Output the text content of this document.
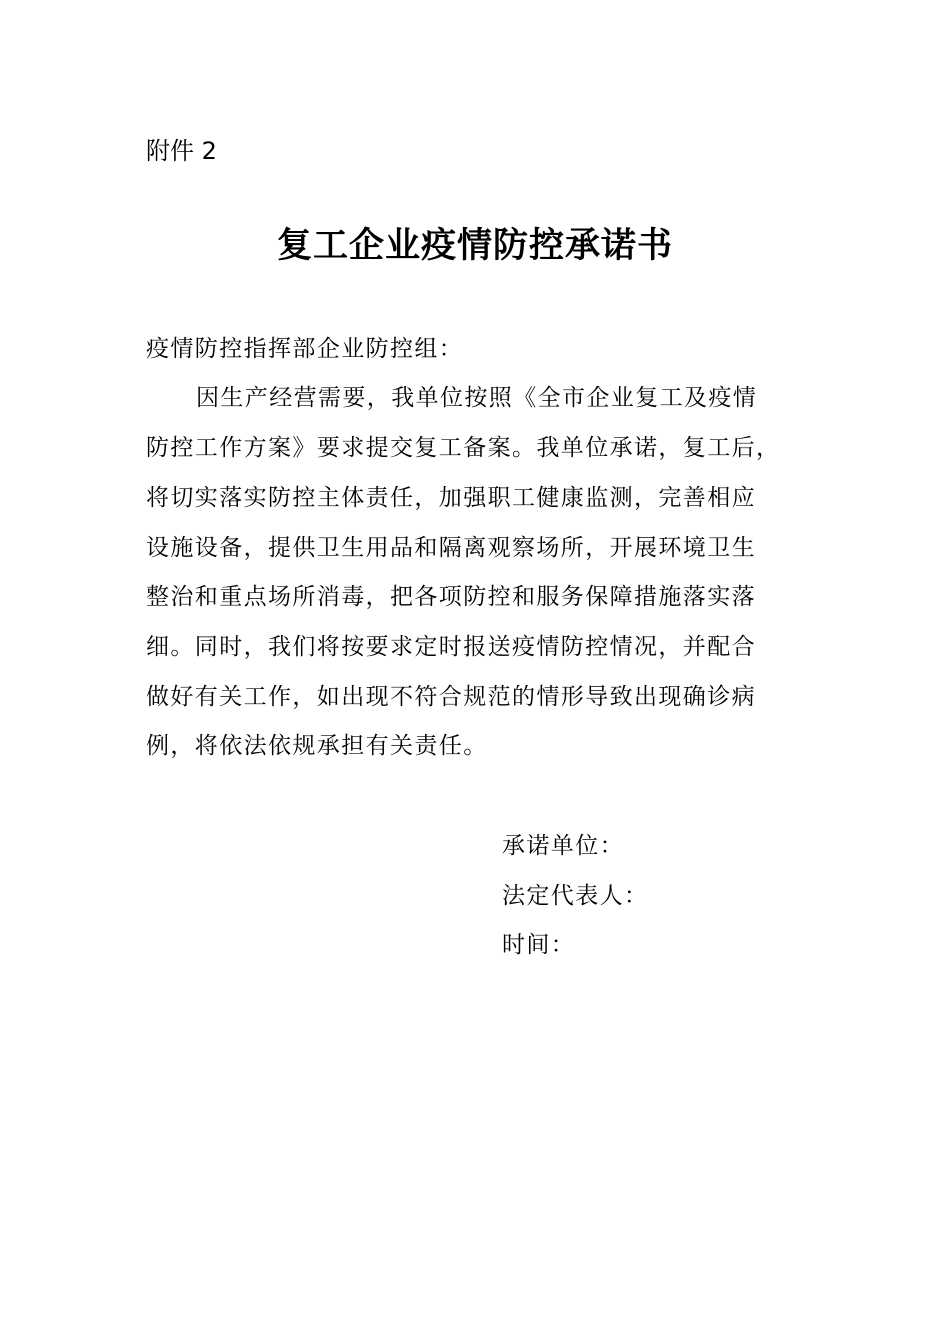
附件 2
复工企业疫情防控承诺书
疫情防控指挥部企业防控组：
因生产经营需要，我单位按照《全市企业复工及疫情
防控工作方案》要求提交复工备案。我单位承诺，复工后，
将切实落实防控主体责任，加强职工健康监测，完善相应
设施设备，提供卫生用品和隔离观察场所，开展环境卫生
整治和重点场所消毒，把各项防控和服务保障措施落实落
细。同时，我们将按要求定时报送疫情防控情况，并配合
做好有关工作，如出现不符合规范的情形导致出现确诊病
例，将依法依规承担有关责任。
承诺单位：
法定代表人：
时间：
